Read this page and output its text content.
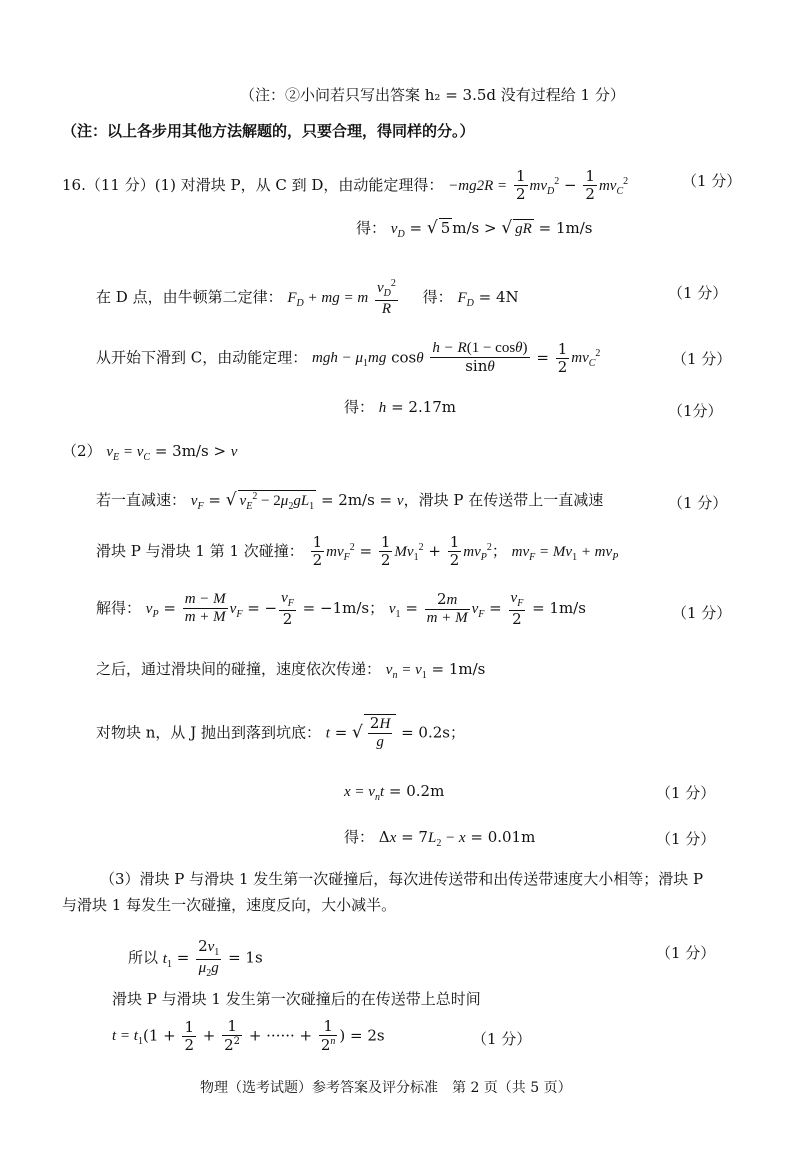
（注：②小问若只写出答案 h₂ = 3.5d 没有过程给 1 分）
（注：以上各步用其他方法解题的，只要合理，得同样的分。）
16.（11 分）(1) 对滑块 P，从 C 到 D，由动能定理得： $-mg2R = \frac{1}{2} mv_D^2 - \frac{1}{2} mv_C^2$	（1 分）
得： $v_D$ = √ 5 m/s > √ gR = 1m/s
在 D 点，由牛顿第二定律： $F_D$ + mg = m $\frac{v_D^2}{R}$ 得： $F_D = 4N$	（1 分）
从开始下滑到 C，由动能定理： mgh − $\mu_1mg$ cosθ $\frac{h - R(1 - \cos\theta)}{\sin\theta} = \frac{1}{2} mv_C^2$	（1 分）
得： h = 2.17m	（1分）
（2） $v_E = v_C = 3m/s > v$
若一直减速： $v_F$ = √ $v_E^2 - 2\mu_2gL_1 = 2m/s = v$，滑块 P 在传送带上一直减速	（1 分）
滑块 P 与滑块 1 第 1 次碰撞： $\frac{1}{2} mv_F^2 = \frac{1}{2} Mv_1^2 + \frac{1}{2} mv_P^2$； $mv_F = Mv_1 + mv_P$
解得： $v_P = \frac{m - M}{m + M} v_F$ = − $\frac{v_F}{2} = -1m/s$； $v_1 = \frac{2m}{m + M} v_F = \frac{v_F}{2} = 1m/s$	（1 分）
之后，通过滑块间的碰撞，速度依次传递： $v_n = v_1 = 1m/s$
对物块 n，从 J 抛出到落到坑底： t = √ $\frac{2H}{g} = 0.2s$；
$x = v_nt = 0.2m$	（1 分）
得： $\Delta x = 7L_2 - x = 0.01m$	（1 分）
（3）滑块 P 与滑块 1 发生第一次碰撞后，每次进传送带和出传送带速度大小相等；滑块 P
与滑块 1 每发生一次碰撞，速度反向，大小减半。
所以 $t_1 = \frac{2v_1}{\mu_2g} = 1s$	（1 分）
滑块 P 与滑块 1 发生第一次碰撞后的在传送带上总时间
$t = t_1(1 + \frac{1}{2} + \frac{1}{2^2}$ + ······ + $\frac{1}{2^n}$ ) = 2s	（1 分）
物理（选考试题）参考答案及评分标准　第 2 页（共 5 页）
